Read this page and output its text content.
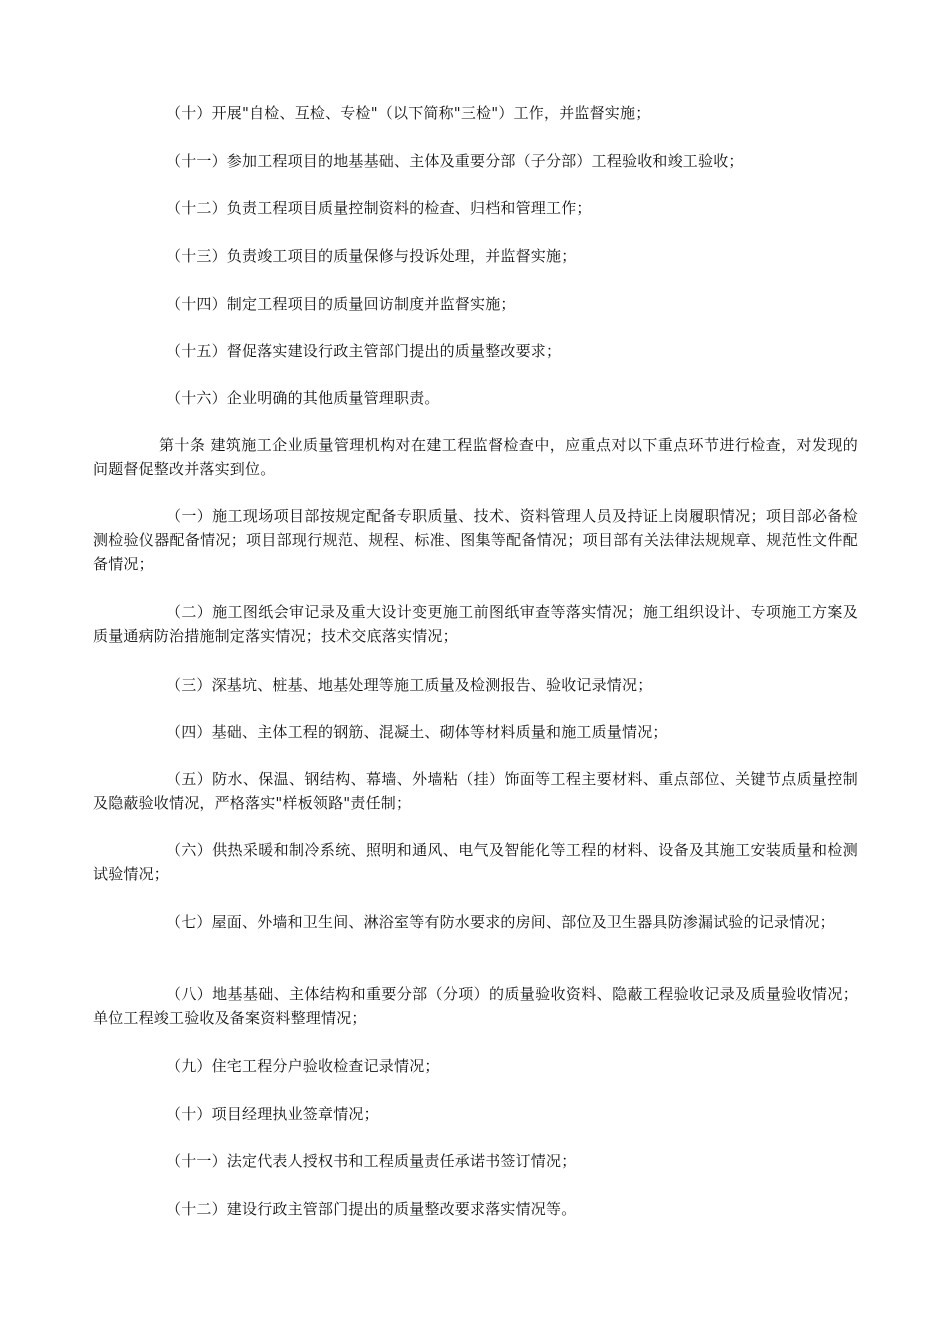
（十）开展"自检、互检、专检"（以下简称"三检"）工作，并监督实施；

（十一）参加工程项目的地基基础、主体及重要分部（子分部）工程验收和竣工验收；

（十二）负责工程项目质量控制资料的检查、归档和管理工作；

（十三）负责竣工项目的质量保修与投诉处理，并监督实施；

（十四）制定工程项目的质量回访制度并监督实施；

（十五）督促落实建设行政主管部门提出的质量整改要求；

（十六）企业明确的其他质量管理职责。

第十条 建筑施工企业质量管理机构对在建工程监督检查中，应重点对以下重点环节进行检查，对发现的问题督促整改并落实到位。

（一）施工现场项目部按规定配备专职质量、技术、资料管理人员及持证上岗履职情况；项目部必备检测检验仪器配备情况；项目部现行规范、规程、标准、图集等配备情况；项目部有关法律法规规章、规范性文件配备情况；

（二）施工图纸会审记录及重大设计变更施工前图纸审查等落实情况；施工组织设计、专项施工方案及质量通病防治措施制定落实情况；技术交底落实情况；

（三）深基坑、桩基、地基处理等施工质量及检测报告、验收记录情况；

（四）基础、主体工程的钢筋、混凝土、砌体等材料质量和施工质量情况；

（五）防水、保温、钢结构、幕墙、外墙粘（挂）饰面等工程主要材料、重点部位、关键节点质量控制及隐蔽验收情况，严格落实"样板领路"责任制；

（六）供热采暖和制冷系统、照明和通风、电气及智能化等工程的材料、设备及其施工安装质量和检测试验情况；

（七）屋面、外墙和卫生间、淋浴室等有防水要求的房间、部位及卫生器具防渗漏试验的记录情况；

（八）地基基础、主体结构和重要分部（分项）的质量验收资料、隐蔽工程验收记录及质量验收情况；单位工程竣工验收及备案资料整理情况；

（九）住宅工程分户验收检查记录情况；

（十）项目经理执业签章情况；

（十一）法定代表人授权书和工程质量责任承诺书签订情况；

（十二）建设行政主管部门提出的质量整改要求落实情况等。
